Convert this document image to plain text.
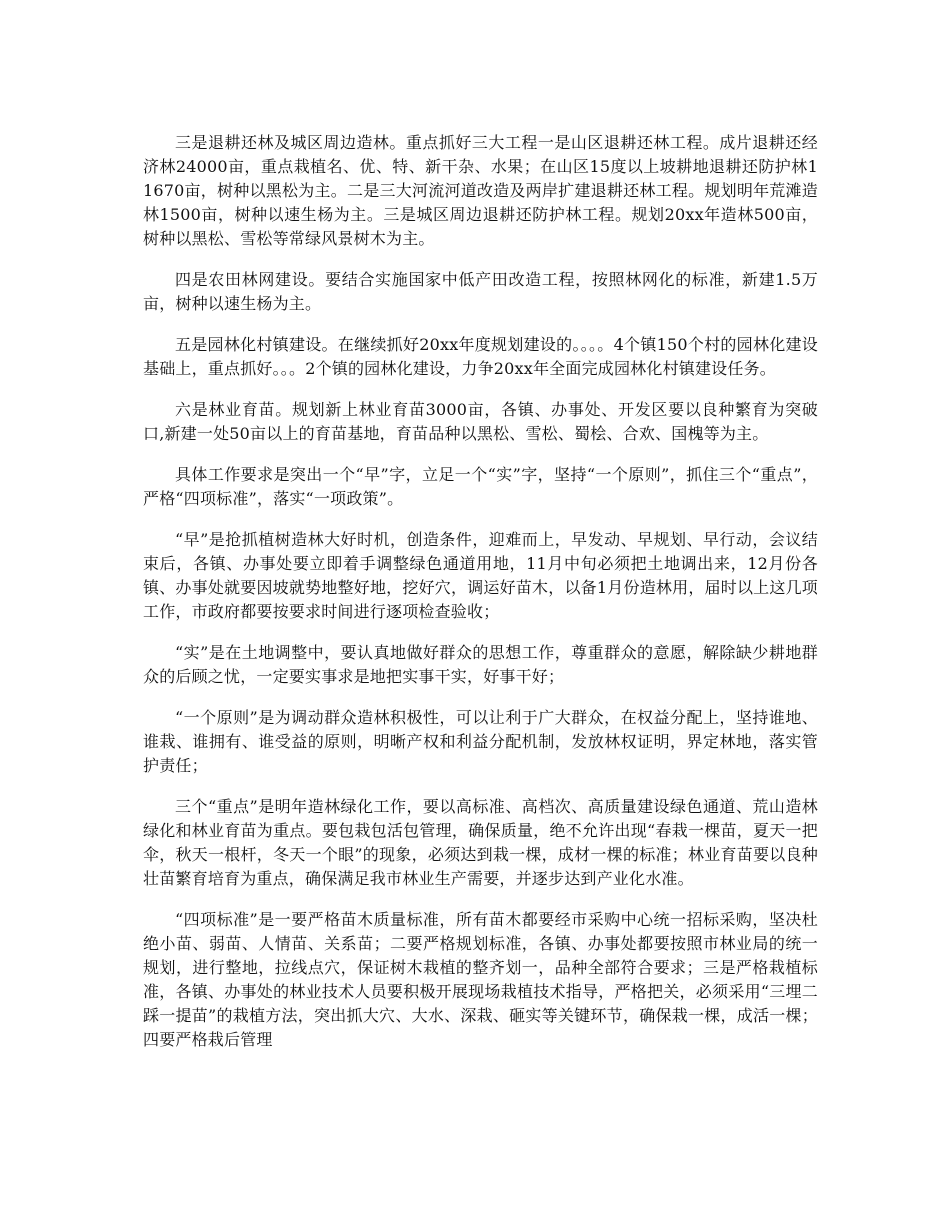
三是退耕还林及城区周边造林。重点抓好三大工程一是山区退耕还林工程。成片退耕还经济林24000亩，重点栽植名、优、特、新干杂、水果；在山区15度以上坡耕地退耕还防护林11670亩，树种以黑松为主。二是三大河流河道改造及两岸扩建退耕还林工程。规划明年荒滩造林1500亩，树种以速生杨为主。三是城区周边退耕还防护林工程。规划20xx年造林500亩，树种以黑松、雪松等常绿风景树木为主。

四是农田林网建设。要结合实施国家中低产田改造工程，按照林网化的标准，新建1.5万亩，树种以速生杨为主。

五是园林化村镇建设。在继续抓好20xx年度规划建设的。。。。4个镇150个村的园林化建设基础上，重点抓好。。。2个镇的园林化建设，力争20xx年全面完成园林化村镇建设任务。

六是林业育苗。规划新上林业育苗3000亩，各镇、办事处、开发区要以良种繁育为突破口,新建一处50亩以上的育苗基地，育苗品种以黑松、雪松、蜀桧、合欢、国槐等为主。

具体工作要求是突出一个“早”字，立足一个“实”字，坚持“一个原则”，抓住三个“重点”，严格“四项标准”，落实“一项政策”。

“早”是抢抓植树造林大好时机，创造条件，迎难而上，早发动、早规划、早行动，会议结束后，各镇、办事处要立即着手调整绿色通道用地，11月中旬必须把土地调出来，12月份各镇、办事处就要因坡就势地整好地，挖好穴，调运好苗木，以备1月份造林用，届时以上这几项工作，市政府都要按要求时间进行逐项检查验收；

“实”是在土地调整中，要认真地做好群众的思想工作，尊重群众的意愿，解除缺少耕地群众的后顾之忧，一定要实事求是地把实事干实，好事干好；

“一个原则”是为调动群众造林积极性，可以让利于广大群众，在权益分配上，坚持谁地、谁栽、谁拥有、谁受益的原则，明晰产权和利益分配机制，发放林权证明，界定林地，落实管护责任；

三个“重点”是明年造林绿化工作，要以高标准、高档次、高质量建设绿色通道、荒山造林绿化和林业育苗为重点。要包栽包活包管理，确保质量，绝不允许出现“春栽一棵苗，夏天一把伞，秋天一根杆，冬天一个眼”的现象，必须达到栽一棵，成材一棵的标准；林业育苗要以良种壮苗繁育培育为重点，确保满足我市林业生产需要，并逐步达到产业化水准。

“四项标准”是一要严格苗木质量标准，所有苗木都要经市采购中心统一招标采购，坚决杜绝小苗、弱苗、人情苗、关系苗；二要严格规划标准，各镇、办事处都要按照市林业局的统一规划，进行整地，拉线点穴，保证树木栽植的整齐划一，品种全部符合要求；三是严格栽植标准，各镇、办事处的林业技术人员要积极开展现场栽植技术指导，严格把关，必须采用“三埋二踩一提苗”的栽植方法，突出抓大穴、大水、深栽、砸实等关键环节，确保栽一棵，成活一棵；四要严格栽后管理
